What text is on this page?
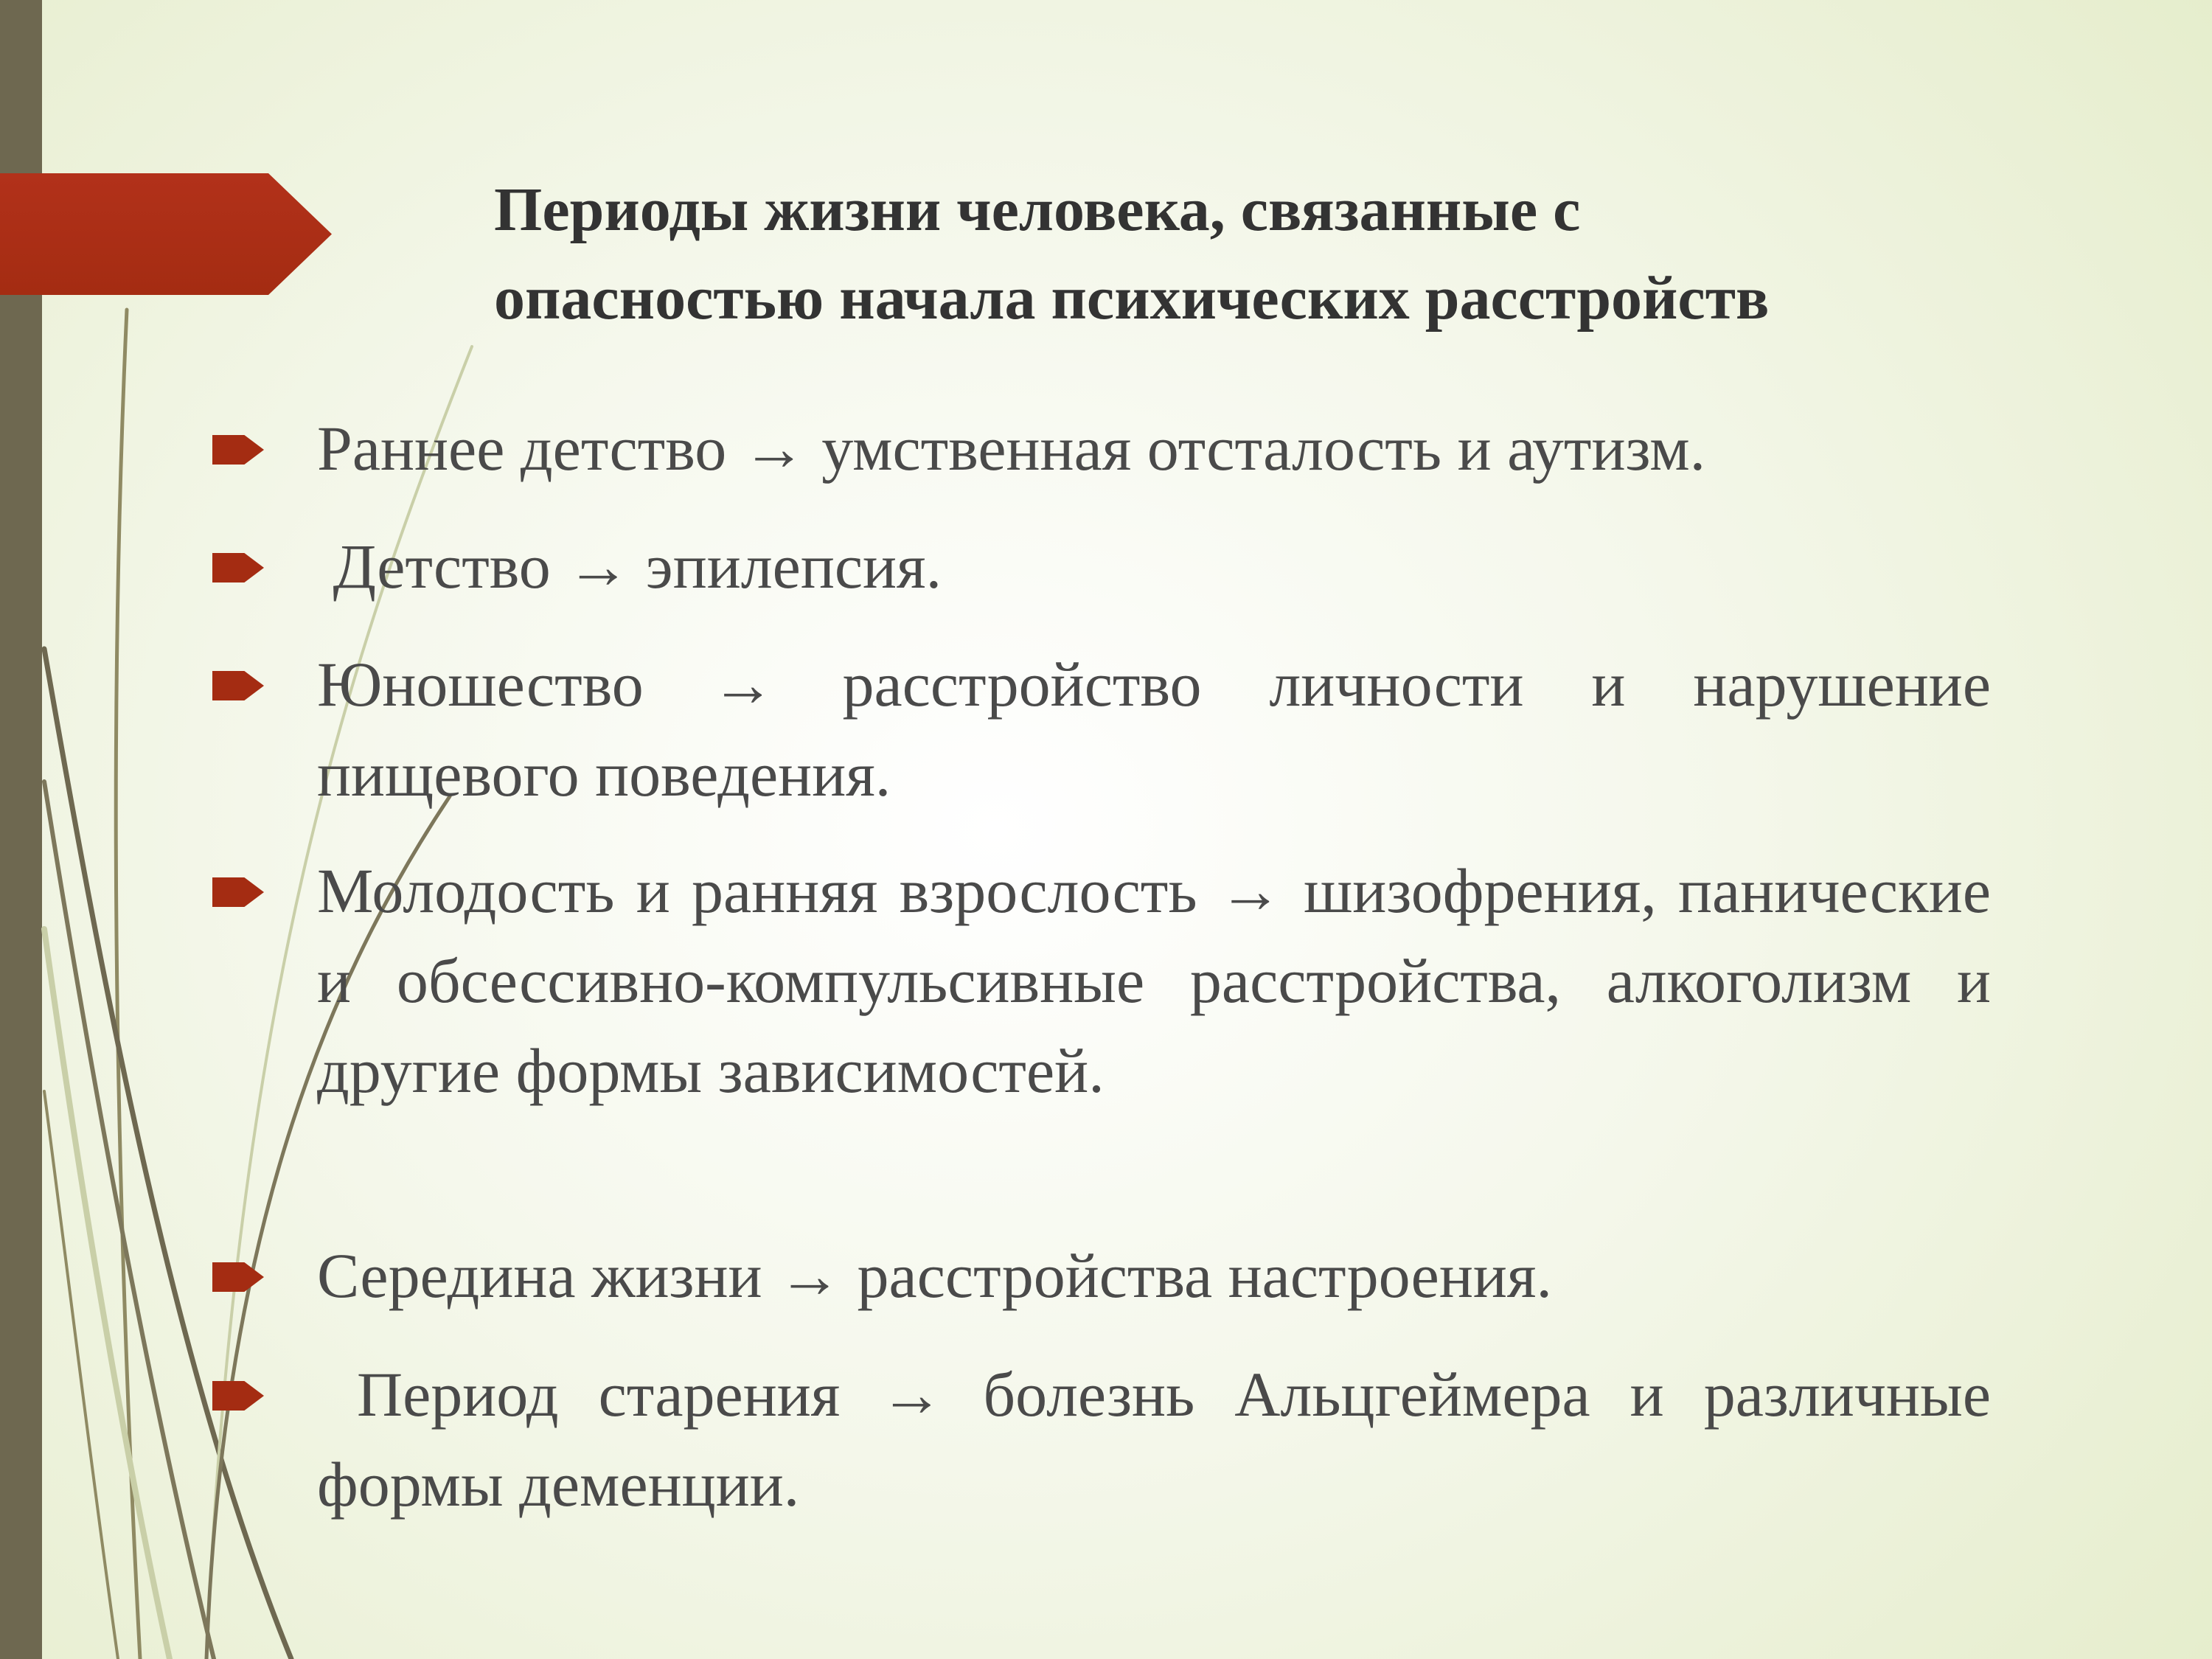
Периоды жизни человека, связанные с
опасностью начала психических расстройств

Раннее детство → умственная отсталость и аутизм.

Детство → эпилепсия.

Юношество → расстройство личности и нарушение пищевого поведения.

Молодость и ранняя взрослость → шизофрения, панические и обсессивно-компульсивные расстройства, алкоголизм и другие формы зависимостей.

Середина жизни → расстройства настроения.

Период старения → болезнь Альцгеймера и различные формы деменции.
